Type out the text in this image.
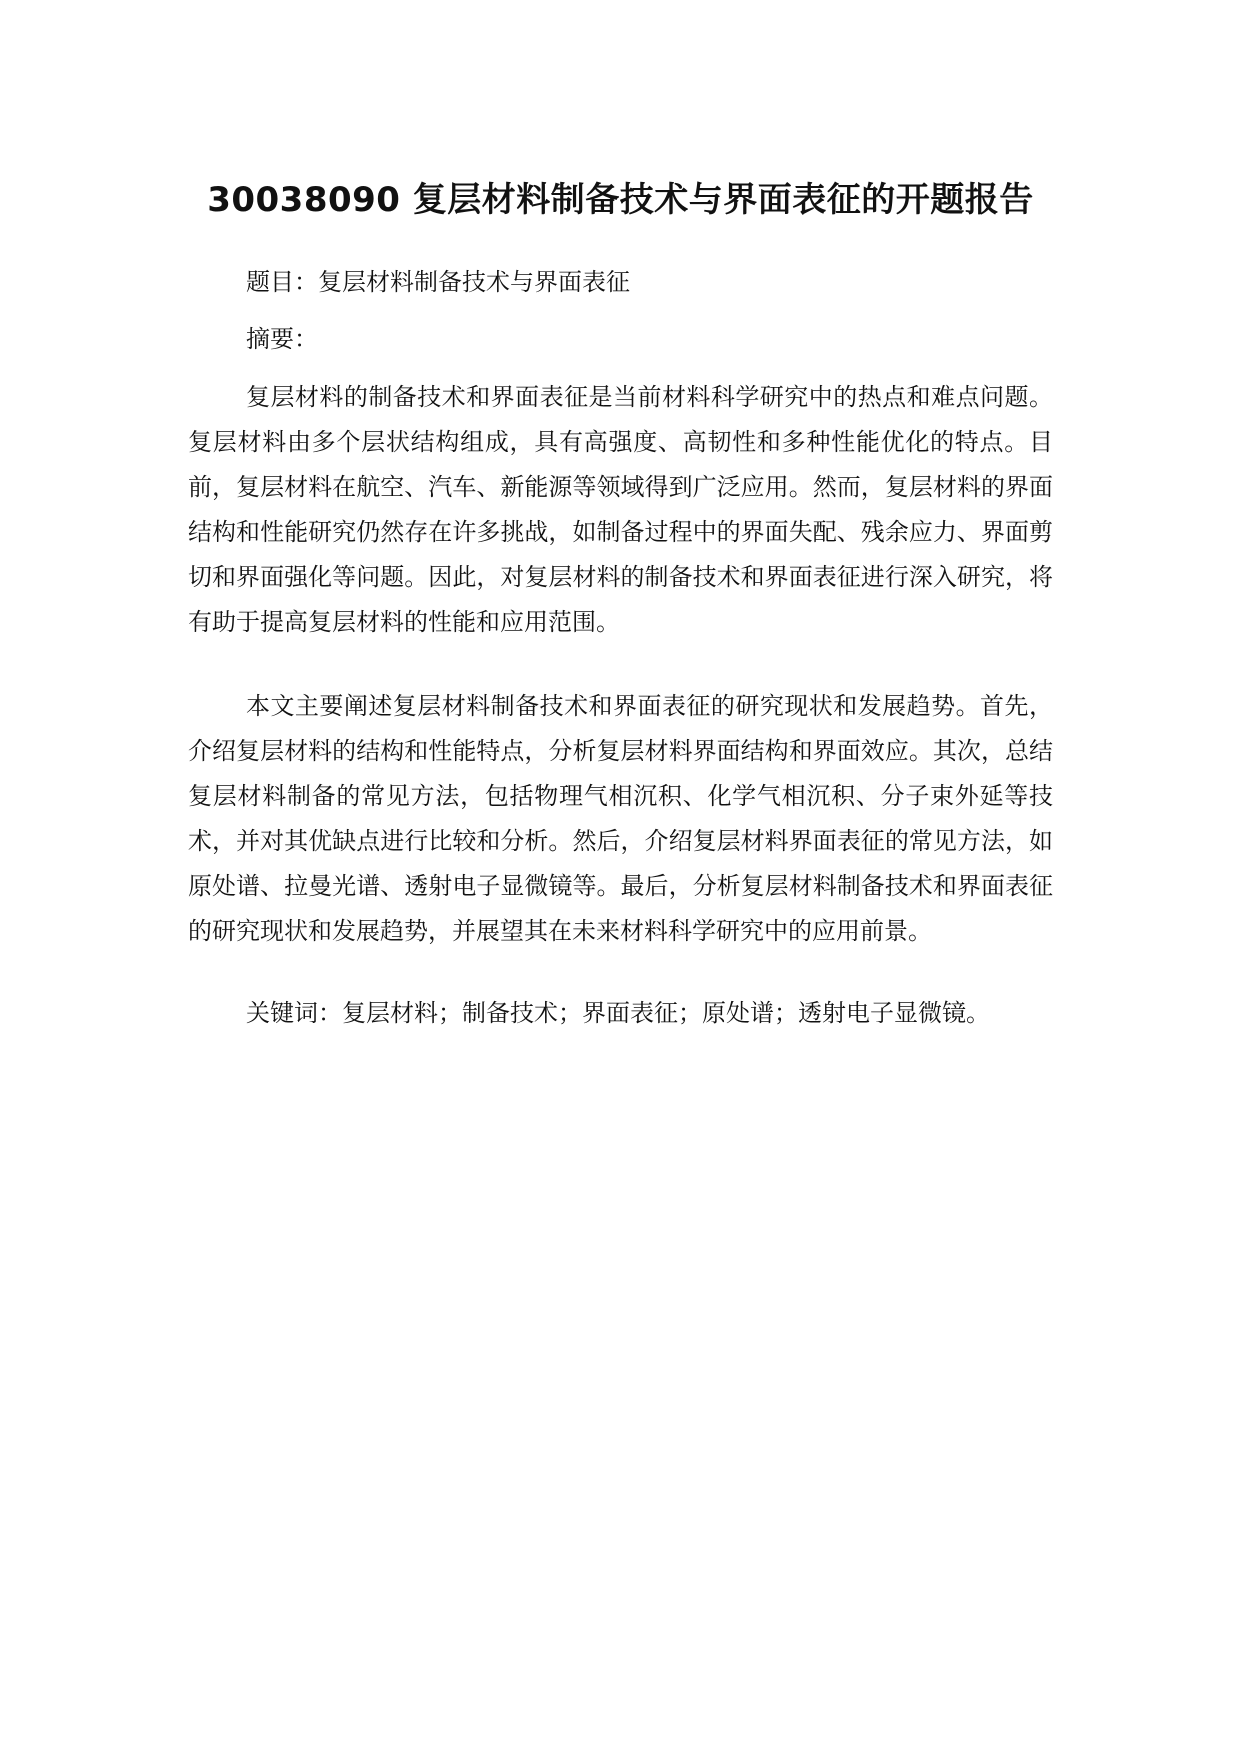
30038090 复层材料制备技术与界面表征的开题报告

题目：复层材料制备技术与界面表征

摘要：

复层材料的制备技术和界面表征是当前材料科学研究中的热点和难点问题。复层材料由多个层状结构组成，具有高强度、高韧性和多种性能优化的特点。目前，复层材料在航空、汽车、新能源等领域得到广泛应用。然而，复层材料的界面结构和性能研究仍然存在许多挑战，如制备过程中的界面失配、残余应力、界面剪切和界面强化等问题。因此，对复层材料的制备技术和界面表征进行深入研究，将有助于提高复层材料的性能和应用范围。

本文主要阐述复层材料制备技术和界面表征的研究现状和发展趋势。首先，介绍复层材料的结构和性能特点，分析复层材料界面结构和界面效应。其次，总结复层材料制备的常见方法，包括物理气相沉积、化学气相沉积、分子束外延等技术，并对其优缺点进行比较和分析。然后，介绍复层材料界面表征的常见方法，如原处谱、拉曼光谱、透射电子显微镜等。最后，分析复层材料制备技术和界面表征的研究现状和发展趋势，并展望其在未来材料科学研究中的应用前景。

关键词：复层材料；制备技术；界面表征；原处谱；透射电子显微镜。
